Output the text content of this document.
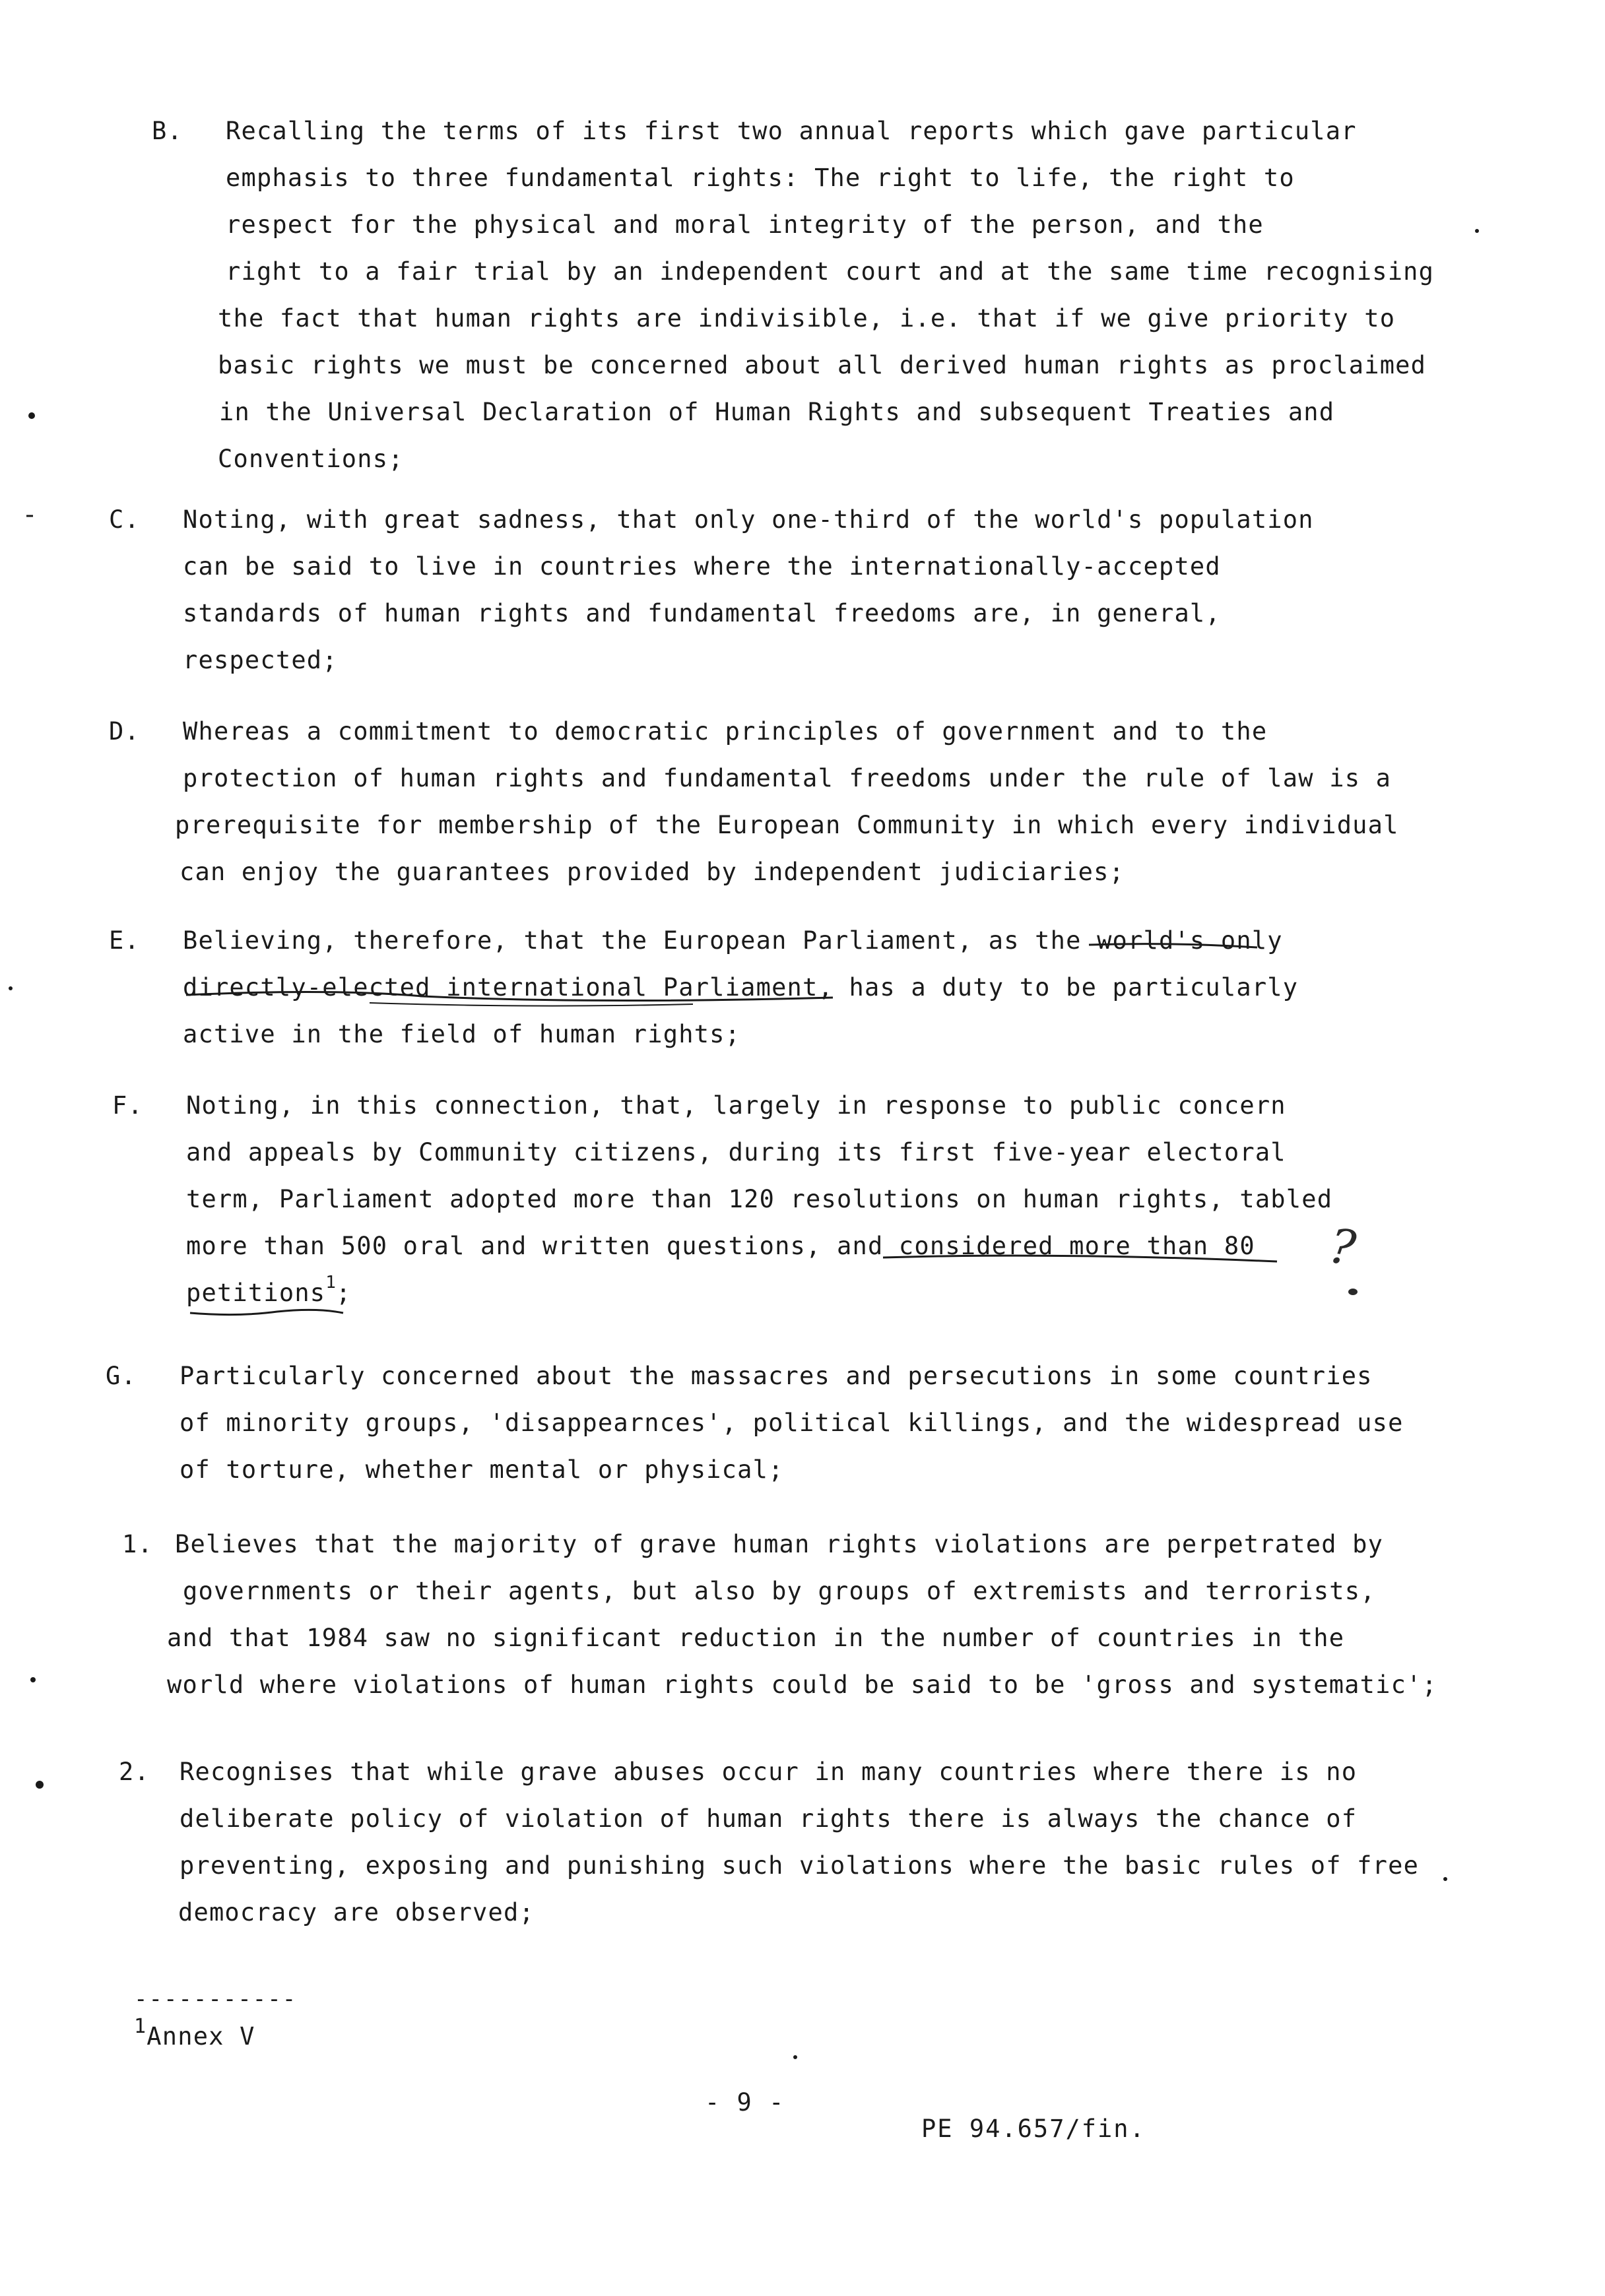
B. Recalling the terms of its first two annual reports which gave particular
emphasis to three fundamental rights: The right to life, the right to
respect for the physical and moral integrity of the person, and the
right to a fair trial by an independent court and at the same time recognising
the fact that human rights are indivisible, i.e. that if we give priority to
basic rights we must be concerned about all derived human rights as proclaimed
in the Universal Declaration of Human Rights and subsequent Treaties and
Conventions;
C. Noting, with great sadness, that only one-third of the world's population
can be said to live in countries where the internationally-accepted
standards of human rights and fundamental freedoms are, in general,
respected;
D. Whereas a commitment to democratic principles of government and to the
protection of human rights and fundamental freedoms under the rule of law is a
prerequisite for membership of the European Community in which every individual
can enjoy the guarantees provided by independent judiciaries;
E. Believing, therefore, that the European Parliament, as the world's only
directly-elected international Parliament, has a duty to be particularly
active in the field of human rights;
F. Noting, in this connection, that, largely in response to public concern
and appeals by Community citizens, during its first five-year electoral
term, Parliament adopted more than 120 resolutions on human rights, tabled
more than 500 oral and written questions, and considered more than 80
petitions$^1$;
G. Particularly concerned about the massacres and persecutions in some countries
of minority groups, 'disappearnces', political killings, and the widespread use
of torture, whether mental or physical;
1. Believes that the majority of grave human rights violations are perpetrated by
governments or their agents, but also by groups of extremists and terrorists,
and that 1984 saw no significant reduction in the number of countries in the
world where violations of human rights could be said to be 'gross and systematic';
2. Recognises that while grave abuses occur in many countries where there is no
deliberate policy of violation of human rights there is always the chance of
preventing, exposing and punishing such violations where the basic rules of free
democracy are observed;
-----------
$^1$Annex V
- 9 -
PE 94.657/fin.
?
